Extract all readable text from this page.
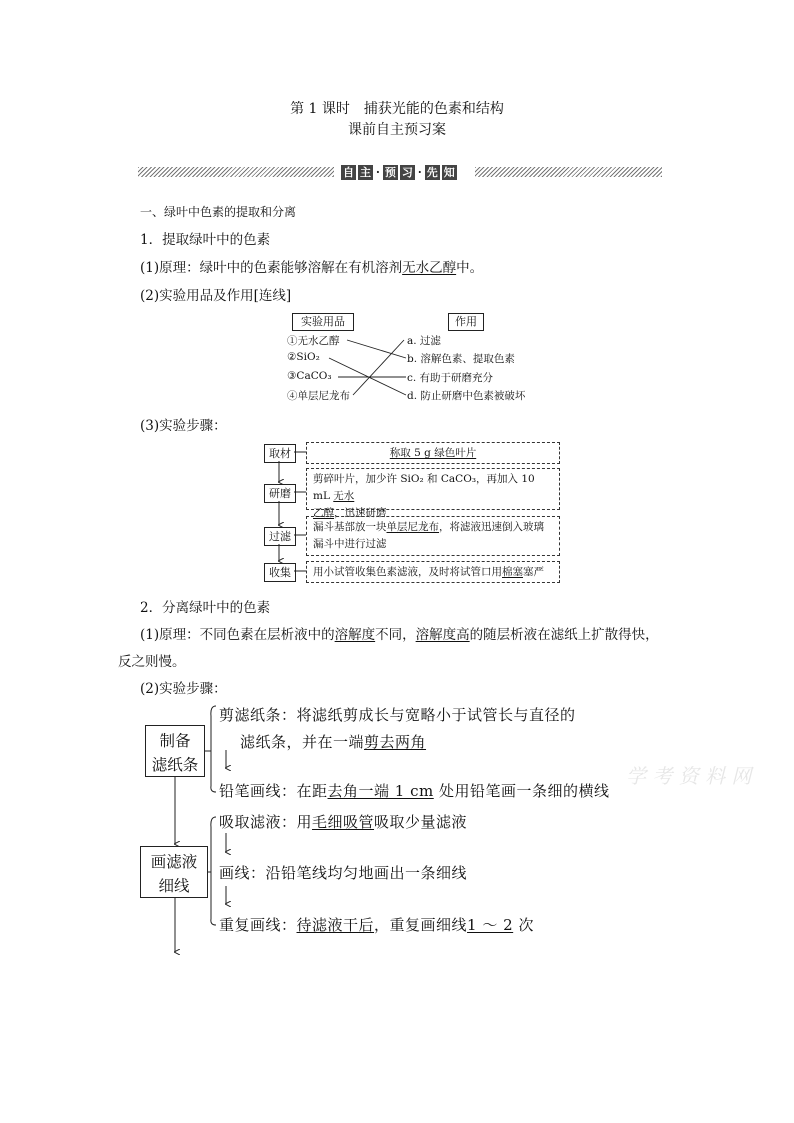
第 1 课时　捕获光能的色素和结构
课前自主预习案
自 主 · 预 习 · 先 知
一、绿叶中色素的提取和分离
1．提取绿叶中的色素
(1)原理：绿叶中的色素能够溶解在有机溶剂无水乙醇中。
(2)实验用品及作用[连线]
实验用品	作用
①无水乙醇
②SiO₂
③CaCO₃
④单层尼龙布
a. 过滤
b. 溶解色素、提取色素
c. 有助于研磨充分
d. 防止研磨中色素被破坏
(3)实验步骤：
取材
研磨
过滤
收集
称取 5 g 绿色叶片
剪碎叶片，加少许 SiO₂ 和 CaCO₃，再加入 10 mL 无水
乙醇，迅速研磨
漏斗基部放一块单层尼龙布，将滤液迅速倒入玻璃
漏斗中进行过滤
用小试管收集色素滤液，及时将试管口用棉塞塞严
2．分离绿叶中的色素
(1)原理：不同色素在层析液中的溶解度不同，溶解度高的随层析液在滤纸上扩散得快，
反之则慢。
(2)实验步骤：
制备
滤纸条
画滤液
细线
剪滤纸条：将滤纸剪成长与宽略小于试管长与直径的
滤纸条，并在一端剪去两角
铅笔画线：在距去角一端 1 cm 处用铅笔画一条细的横线
吸取滤液：用毛细吸管吸取少量滤液
画线：沿铅笔线均匀地画出一条细线
重复画线：待滤液干后，重复画细线1 ～ 2 次
学 考 资 料 网
